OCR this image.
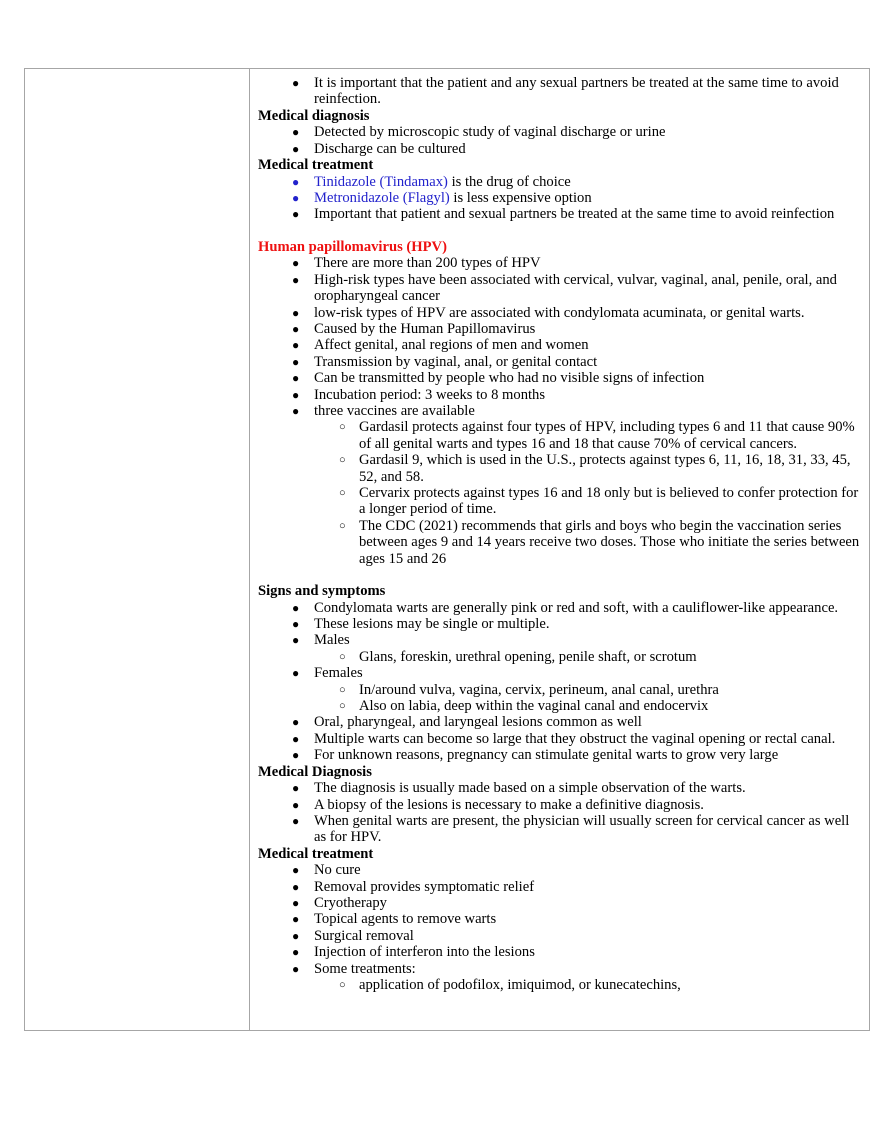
● It is important that the patient and any sexual partners be treated at the same time to avoid reinfection.
Medical diagnosis
● Detected by microscopic study of vaginal discharge or urine
● Discharge can be cultured
Medical treatment
● Tinidazole (Tindamax) is the drug of choice
● Metronidazole (Flagyl) is less expensive option
● Important that patient and sexual partners be treated at the same time to avoid reinfection

Human papillomavirus (HPV)
● There are more than 200 types of HPV
● High-risk types have been associated with cervical, vulvar, vaginal, anal, penile, oral, and oropharyngeal cancer
● low-risk types of HPV are associated with condylomata acuminata, or genital warts.
● Caused by the Human Papillomavirus
● Affect genital, anal regions of men and women
● Transmission by vaginal, anal, or genital contact
● Can be transmitted by people who had no visible signs of infection
● Incubation period: 3 weeks to 8 months
● three vaccines are available
○ Gardasil protects against four types of HPV, including types 6 and 11 that cause 90% of all genital warts and types 16 and 18 that cause 70% of cervical cancers.
○ Gardasil 9, which is used in the U.S., protects against types 6, 11, 16, 18, 31, 33, 45, 52, and 58.
○ Cervarix protects against types 16 and 18 only but is believed to confer protection for a longer period of time.
○ The CDC (2021) recommends that girls and boys who begin the vaccination series between ages 9 and 14 years receive two doses. Those who initiate the series between ages 15 and 26

Signs and symptoms
● Condylomata warts are generally pink or red and soft, with a cauliflower-like appearance.
● These lesions may be single or multiple.
● Males
○ Glans, foreskin, urethral opening, penile shaft, or scrotum
● Females
○ In/around vulva, vagina, cervix, perineum, anal canal, urethra
○ Also on labia, deep within the vaginal canal and endocervix
● Oral, pharyngeal, and laryngeal lesions common as well
● Multiple warts can become so large that they obstruct the vaginal opening or rectal canal.
● For unknown reasons, pregnancy can stimulate genital warts to grow very large
Medical Diagnosis
● The diagnosis is usually made based on a simple observation of the warts.
● A biopsy of the lesions is necessary to make a definitive diagnosis.
● When genital warts are present, the physician will usually screen for cervical cancer as well as for HPV.
Medical treatment
● No cure
● Removal provides symptomatic relief
● Cryotherapy
● Topical agents to remove warts
● Surgical removal
● Injection of interferon into the lesions
● Some treatments:
○ application of podofilox, imiquimod, or kunecatechins,
